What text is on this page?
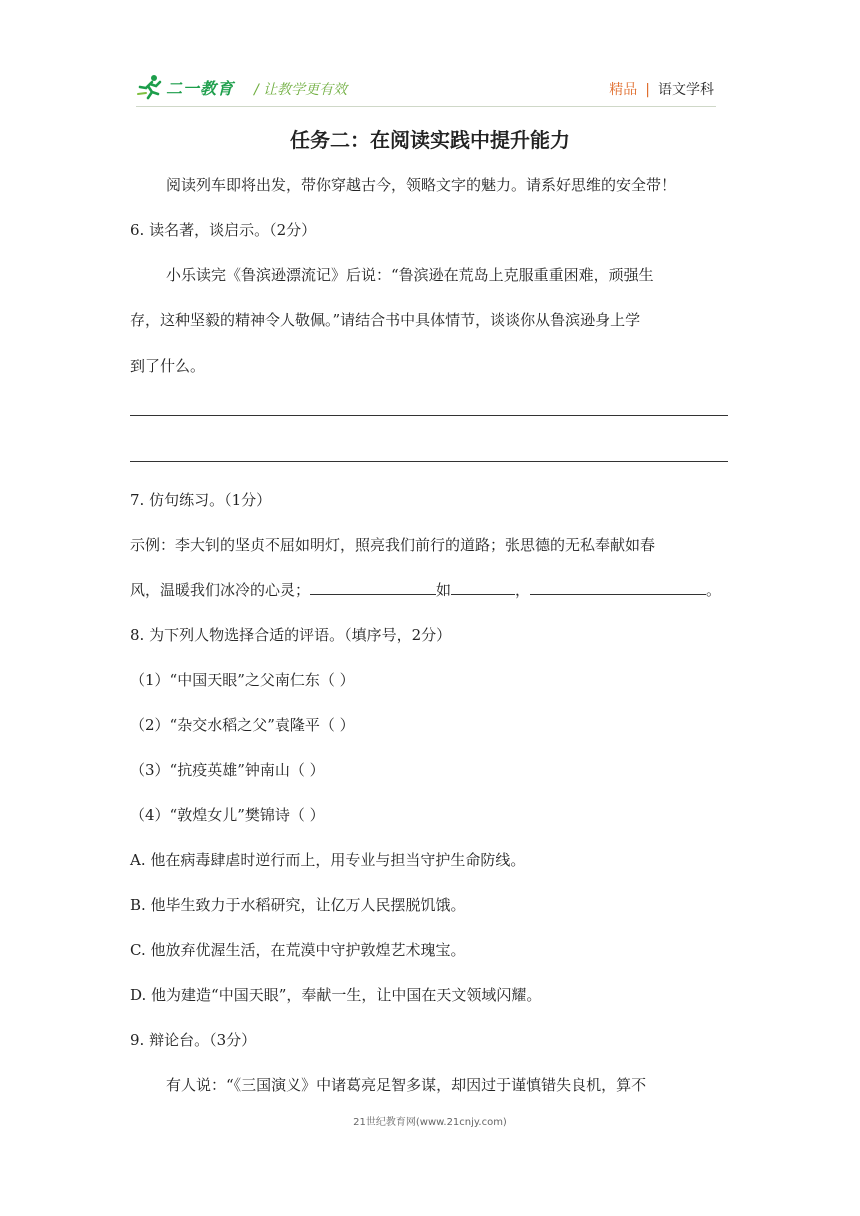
二一教育 / 让教学更有效	精品 | 语文学科
任务二：在阅读实践中提升能力
阅读列车即将出发，带你穿越古今，领略文字的魅力。请系好思维的安全带！
6. 读名著，谈启示。（2分）
小乐读完《鲁滨逊漂流记》后说：“鲁滨逊在荒岛上克服重重困难，顽强生
存，这种坚毅的精神令人敬佩。”请结合书中具体情节，谈谈你从鲁滨逊身上学
到了什么。
7. 仿句练习。（1分）
示例：李大钊的坚贞不屈如明灯，照亮我们前行的道路；张思德的无私奉献如春
风，温暖我们冰冷的心灵；	如	，	。
8. 为下列人物选择合适的评语。（填序号，2分）
（1）“中国天眼”之父南仁东（ ）
（2）“杂交水稻之父”袁隆平（ ）
（3）“抗疫英雄”钟南山（ ）
（4）“敦煌女儿”樊锦诗（ ）
A. 他在病毒肆虐时逆行而上，用专业与担当守护生命防线。
B. 他毕生致力于水稻研究，让亿万人民摆脱饥饿。
C. 他放弃优渥生活，在荒漠中守护敦煌艺术瑰宝。
D. 他为建造“中国天眼”，奉献一生，让中国在天文领域闪耀。
9. 辩论台。（3分）
有人说：“《三国演义》中诸葛亮足智多谋，却因过于谨慎错失良机，算不
21世纪教育网(www.21cnjy.com)
